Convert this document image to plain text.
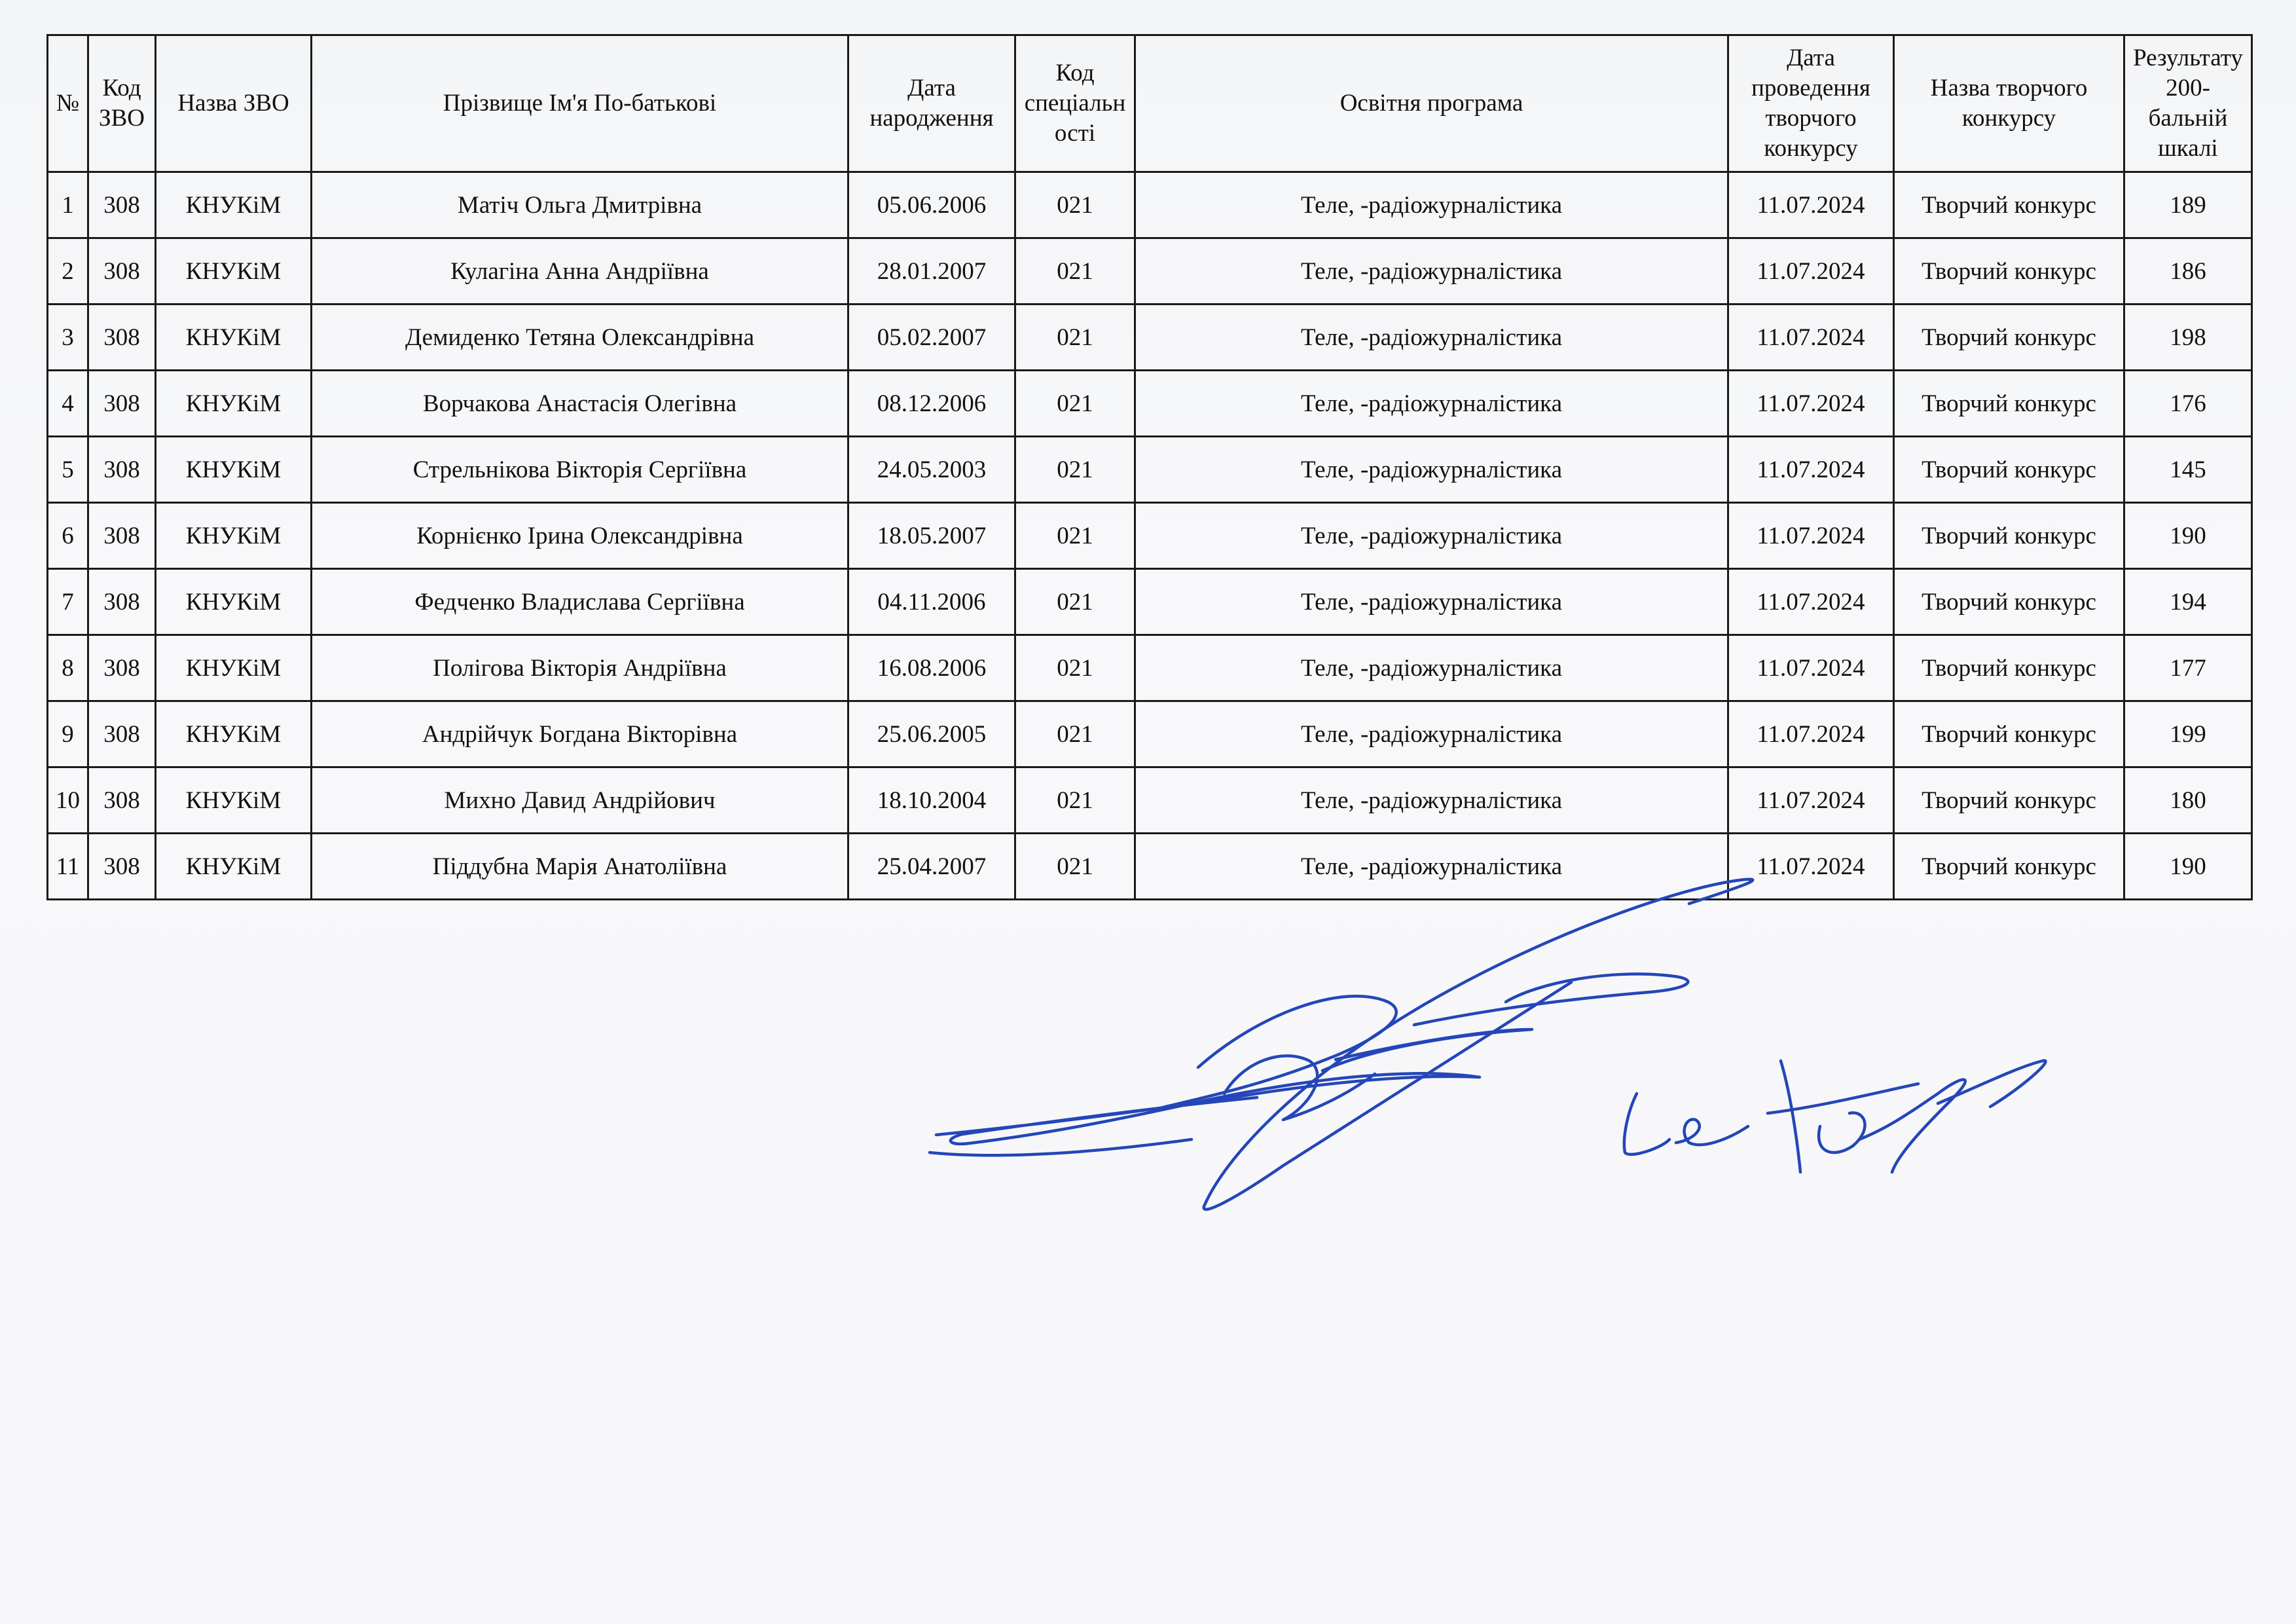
№	Код ЗВО	Назва ЗВО	Прізвище Ім'я По-батькові	Дата народження	Код спеціальності	Освітня програма	Дата проведення творчого конкурсу	Назва творчого конкурсу	Результату 200-бальній шкалі
1	308	КНУКіМ	Матіч Ольга Дмитрівна	05.06.2006	021	Теле, -радіожурналістика	11.07.2024	Творчий конкурс	189
2	308	КНУКіМ	Кулагіна Анна Андріївна	28.01.2007	021	Теле, -радіожурналістика	11.07.2024	Творчий конкурс	186
3	308	КНУКіМ	Демиденко Тетяна Олександрівна	05.02.2007	021	Теле, -радіожурналістика	11.07.2024	Творчий конкурс	198
4	308	КНУКіМ	Ворчакова Анастасія Олегівна	08.12.2006	021	Теле, -радіожурналістика	11.07.2024	Творчий конкурс	176
5	308	КНУКіМ	Стрельнікова Вікторія Сергіївна	24.05.2003	021	Теле, -радіожурналістика	11.07.2024	Творчий конкурс	145
6	308	КНУКіМ	Корнієнко Ірина Олександрівна	18.05.2007	021	Теле, -радіожурналістика	11.07.2024	Творчий конкурс	190
7	308	КНУКіМ	Федченко Владислава Сергіївна	04.11.2006	021	Теле, -радіожурналістика	11.07.2024	Творчий конкурс	194
8	308	КНУКіМ	Полігова Вікторія Андріївна	16.08.2006	021	Теле, -радіожурналістика	11.07.2024	Творчий конкурс	177
9	308	КНУКіМ	Андрійчук Богдана Вікторівна	25.06.2005	021	Теле, -радіожурналістика	11.07.2024	Творчий конкурс	199
10	308	КНУКіМ	Михно Давид Андрійович	18.10.2004	021	Теле, -радіожурналістика	11.07.2024	Творчий конкурс	180
11	308	КНУКіМ	Піддубна Марія Анатоліївна	25.04.2007	021	Теле, -радіожурналістика	11.07.2024	Творчий конкурс	190
